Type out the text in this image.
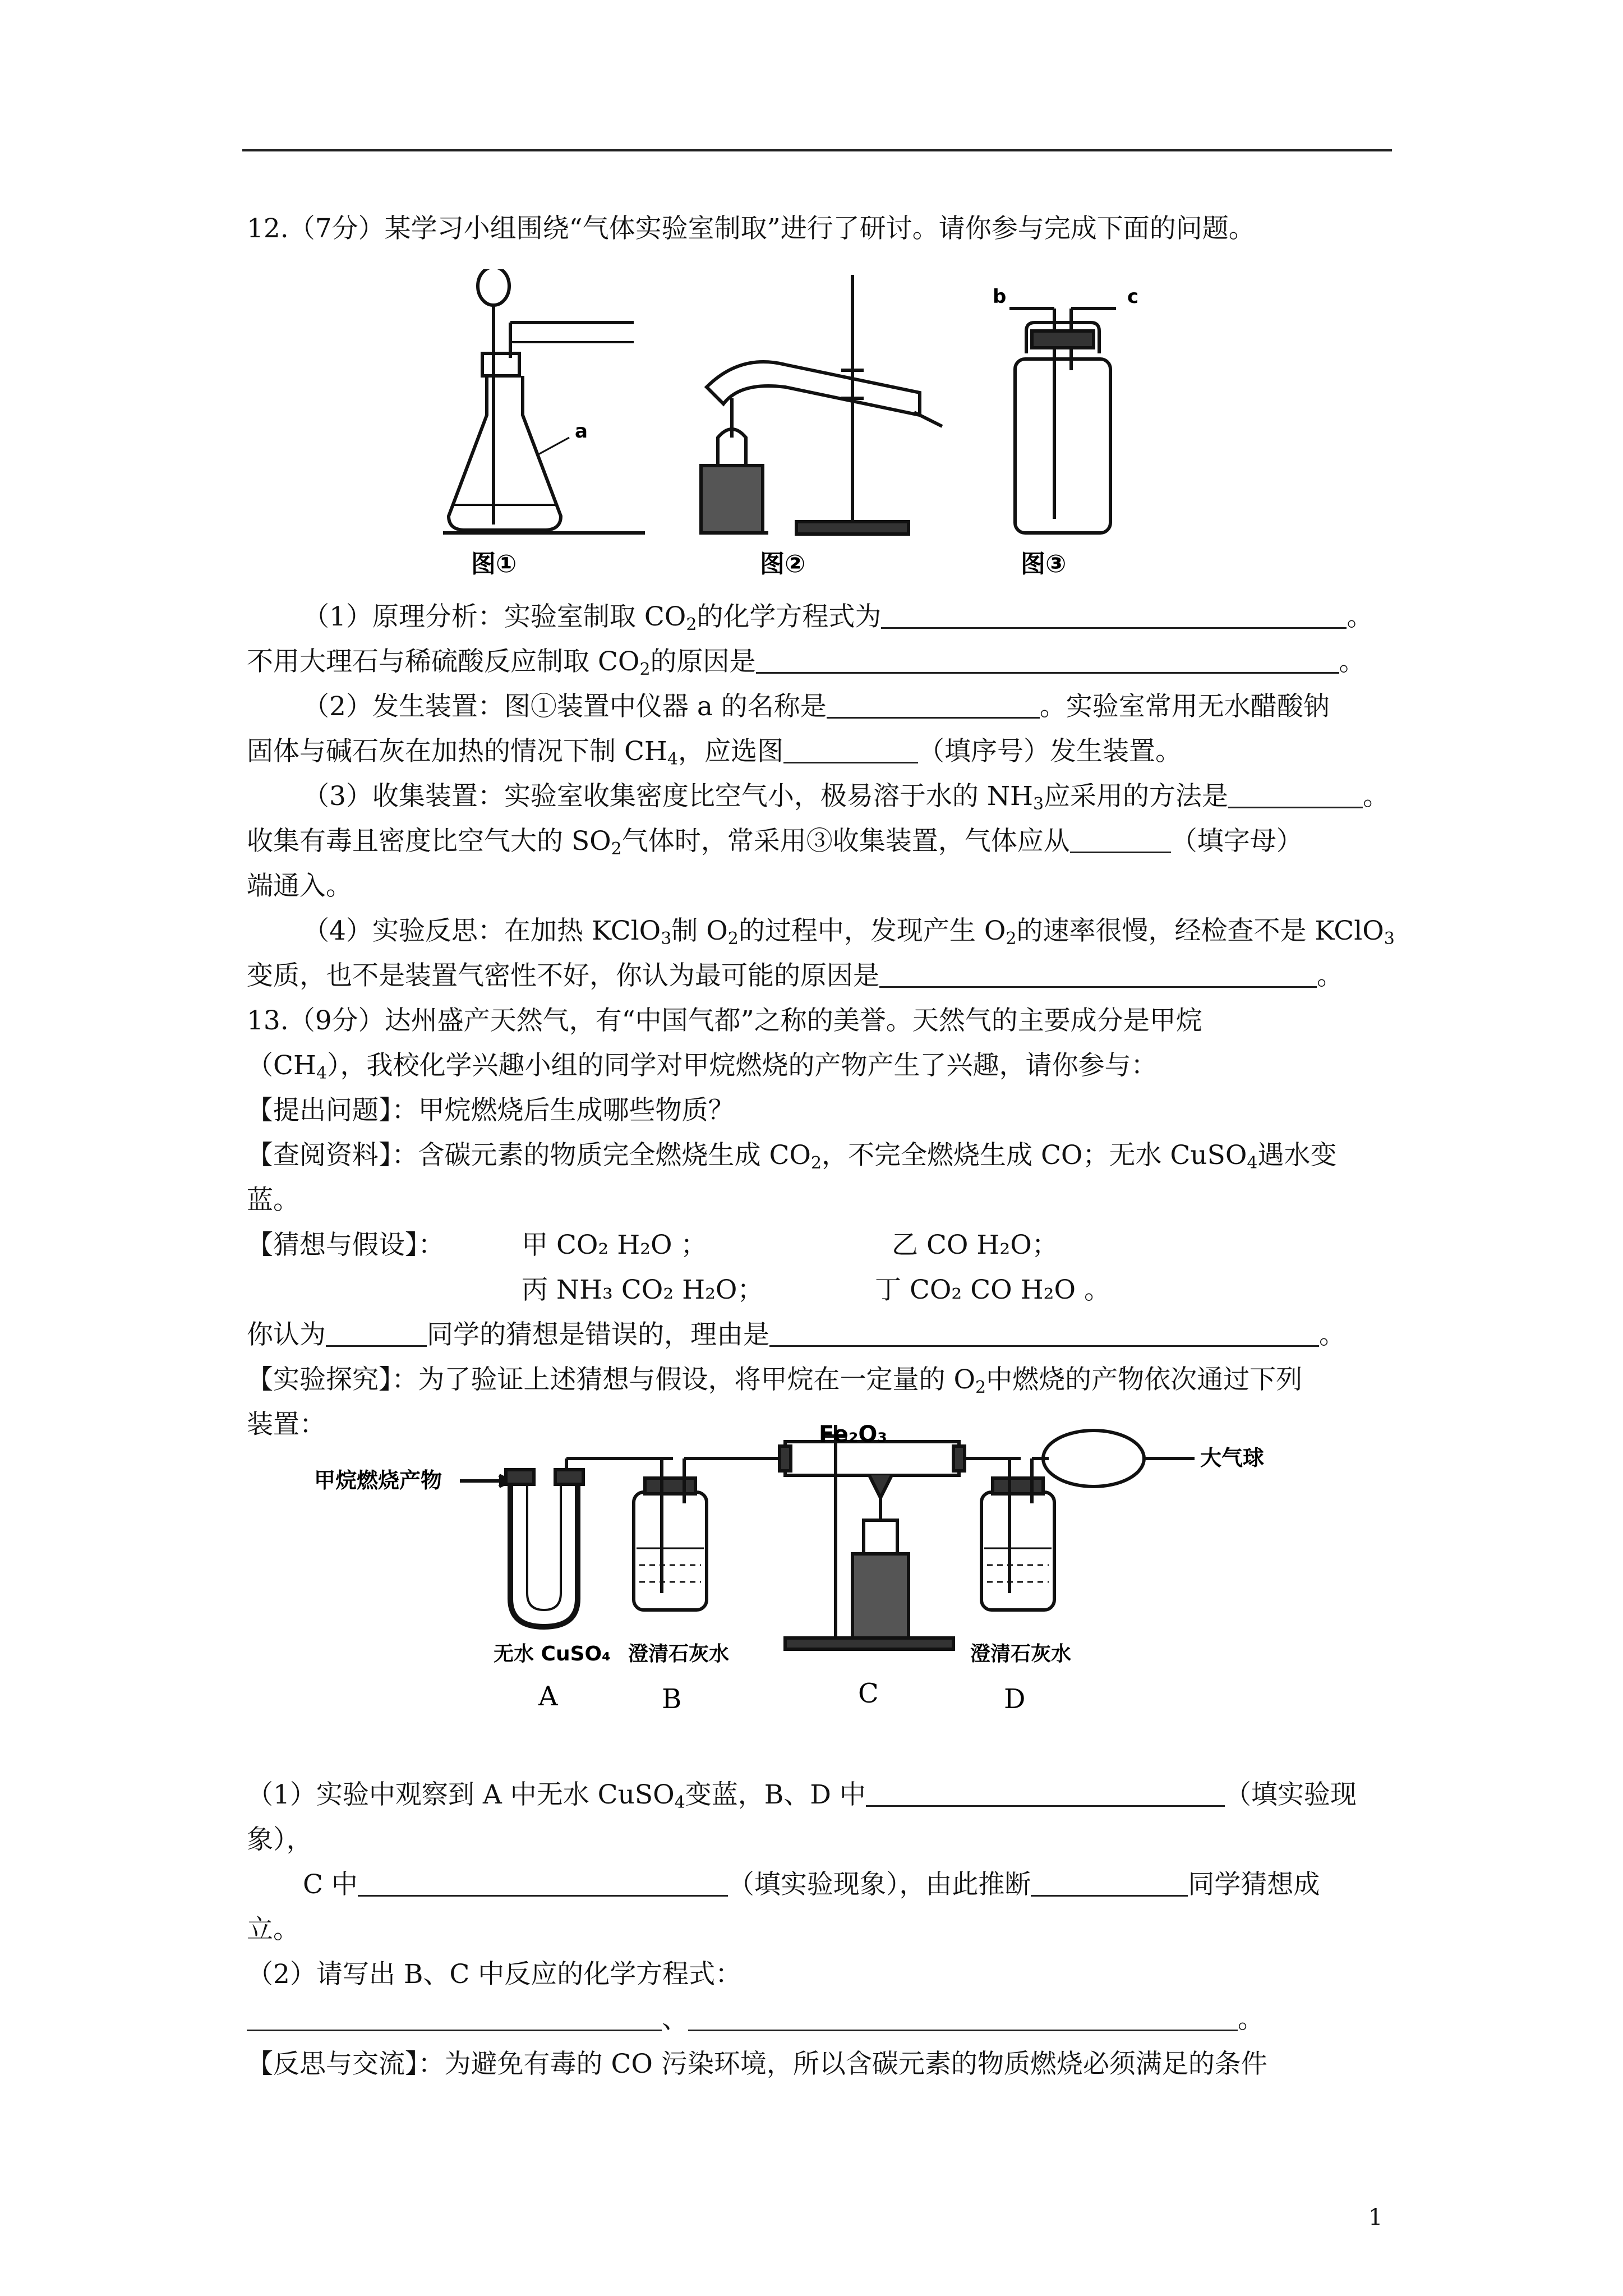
12.（7分）某学习小组围绕“气体实验室制取”进行了研讨。请你参与完成下面的问题。
a
图①	图②
b	c
图③
（1）原理分析：实验室制取 $CO_2$的化学方程式为	。
不用大理石与稀硫酸反应制取 $CO_2$的原因是	。
（2）发生装置：图①装置中仪器 a 的名称是	。实验室常用无水醋酸钠
固体与碱石灰在加热的情况下制 $CH_4$，应选图	（填序号）发生装置。
（3）收集装置：实验室收集密度比空气小，极易溶于水的 $NH_3$应采用的方法是	。
收集有毒且密度比空气大的 $SO_2$气体时，常采用③收集装置，气体应从	（填字母）
端通入。
（4）实验反思：在加热 KClO$_3$制 $O_2$的过程中，发现产生 $O_2$的速率很慢，经检查不是 KClO$_3$
变质，也不是装置气密性不好，你认为最可能的原因是	。
13.（9分）达州盛产天然气，有“中国气都”之称的美誉。天然气的主要成分是甲烷
$(CH_4)$，我校化学兴趣小组的同学对甲烷燃烧的产物产生了兴趣，请你参与：
【提出问题】：甲烷燃烧后生成哪些物质？
【查阅资料】：含碳元素的物质完全燃烧生成 $CO_2$，不完全燃烧生成 CO；无水 CuSO$_4$遇水变
蓝。
【猜想与假设】：	甲 CO₂ H₂O ；	乙 CO H₂O；
丙 NH₃ CO₂ H₂O；	丁 CO₂ CO H₂O 。
你认为	同学的猜想是错误的，理由是	。
【实验探究】：为了验证上述猜想与假设，将甲烷在一定量的 $O_2$中燃烧的产物依次通过下列
装置：
甲烷燃烧产物
Fe₂O₃
大气球
无水 CuSO₄ 澄清石灰水	澄清石灰水
A	B	C	D
（1）实验中观察到 A 中无水 CuSO$_4$变蓝，B、D 中	（填实验现
象），
C 中	（填实验现象），由此推断	同学猜想成
立。
（2）请写出 B、C 中反应的化学方程式：
、	。
【反思与交流】：为避免有毒的 CO 污染环境，所以含碳元素的物质燃烧必须满足的条件
1
